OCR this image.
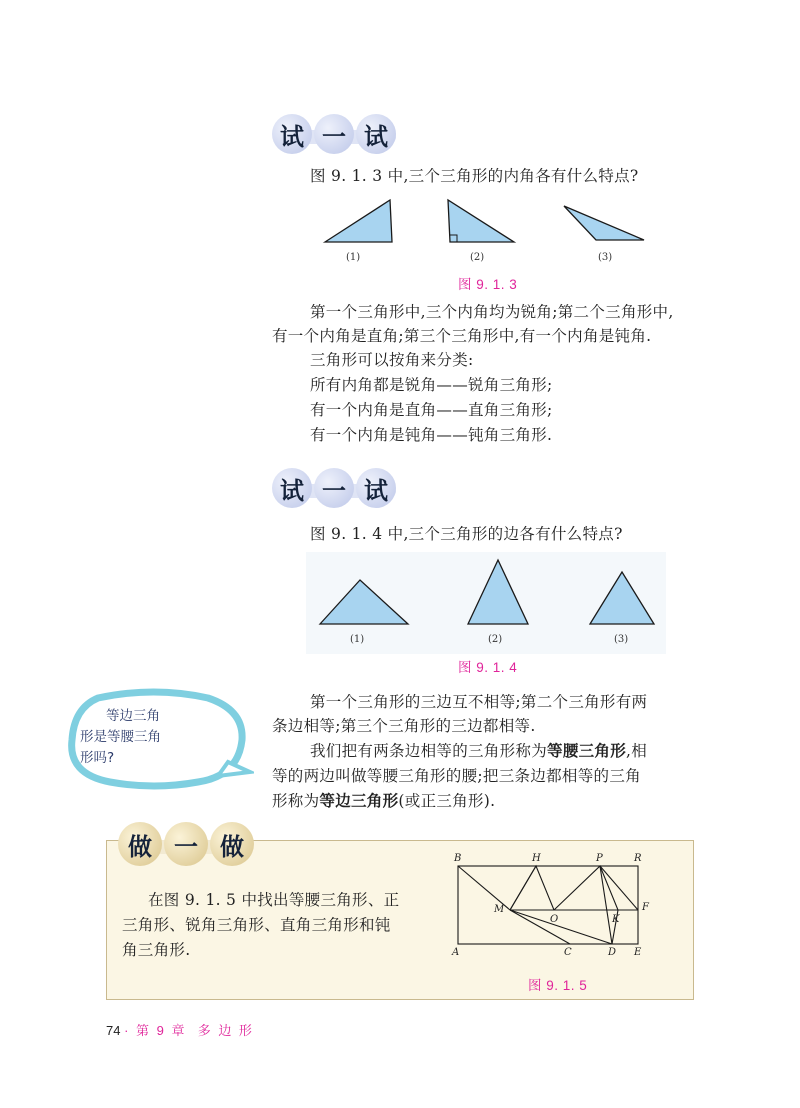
试 一 试
图 9. 1. 3 中,三个三角形的内角各有什么特点?
(1)	(2)	(3)
图 9. 1. 3
第一个三角形中,三个内角均为锐角;第二个三角形中,
有一个内角是直角;第三个三角形中,有一个内角是钝角.
三角形可以按角来分类:
所有内角都是锐角——锐角三角形;
有一个内角是直角——直角三角形;
有一个内角是钝角——钝角三角形.
试 一 试
图 9. 1. 4 中,三个三角形的边各有什么特点?
(1)	(2)	(3)
图 9. 1. 4
等边三角
形是等腰三角
形吗?
第一个三角形的三边互不相等;第二个三角形有两
条边相等;第三个三角形的三边都相等.
我们把有两条边相等的三角形称为等腰三角形,相
等的两边叫做等腰三角形的腰;把三条边都相等的三角
形称为等边三角形(或正三角形).
做 一 做
在图 9. 1. 5 中找出等腰三角形、正
三角形、锐角三角形、直角三角形和钝
角三角形.
B	H	P	R
M
O	K
F
A	C	D E
图 9. 1. 5
74 · 第 9 章  多 边 形
